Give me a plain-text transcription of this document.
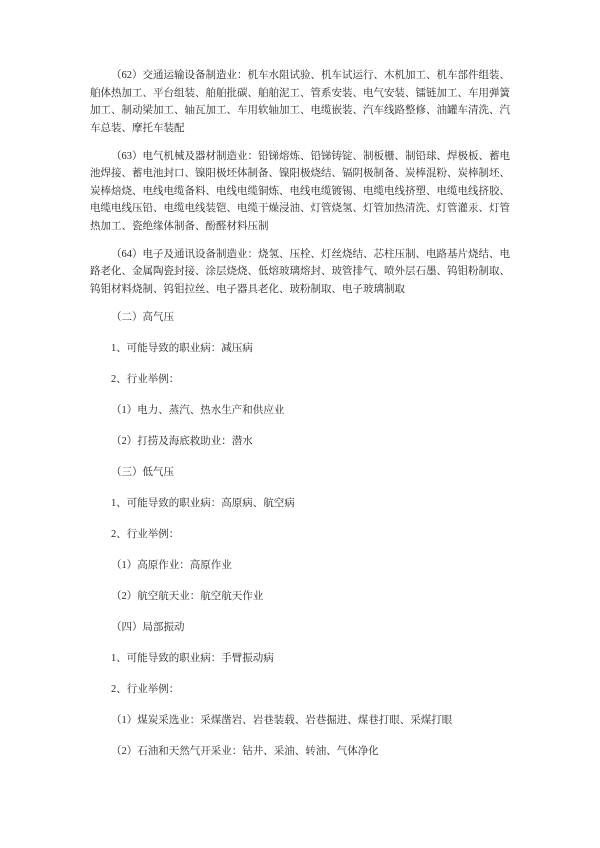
（62）交通运输设备制造业：机车水阻试验、机车试运行、木机加工、机车部件组装、舶体热加工、平台组装、舶舶批碳、舶舶泥工、管系安装、电气安装、镭链加工、车用弹簧加工、制动梁加工、轴瓦加工、车用软轴加工、电缆嵌装、汽车线路整修、油罐车清洗、汽车总装、摩托车装配

（63）电气机械及器材制造业：铅锑熔炼、铅锑铸锭、制板栅、制铅球、焊极板、蓄电池焊接、蓄电池封口、镍阳极坯体制备、镍阳极烧结、镉阴极制备、炭棒混粉、炭棒制坯、炭棒焙烧、电线电缆备料、电线电缆铜炼、电线电缆镀锡、电缆电线挤塑、电缆电线挤胶、电缆电线压铅、电缆电线装铠、电缆干燥浸油、灯管烧氢、灯管加热清洗、灯管灌汞、灯管热加工、瓷绝缘体制备、酚醛材料压制

（64）电子及通讯设备制造业：烧氢、压栓、灯丝烧结、芯柱压制、电路基片烧结、电路老化、金属陶瓷封接、涂层烧烧、低熔玻璃熔封、玻管排气、喷外层石墨、钨钼粉制取、钨钼材料烧制、钨钼拉丝、电子器具老化、玻粉制取、电子玻璃制取

（二）高气压

1、可能导致的职业病：减压病

2、行业举例：

（1）电力、蒸汽、热水生产和供应业

（2）打捞及海底救助业：潜水

（三）低气压

1、可能导致的职业病：高原病、航空病

2、行业举例：

（1）高原作业：高原作业

（2）航空航天业：航空航天作业

（四）局部振动

1、可能导致的职业病：手臂振动病

2、行业举例：

（1）煤炭采选业：采煤凿岩、岩巷装载、岩巷掘进、煤巷打眼、采煤打眼

（2）石油和天然气开采业：钻井、采油、转油、气体净化
